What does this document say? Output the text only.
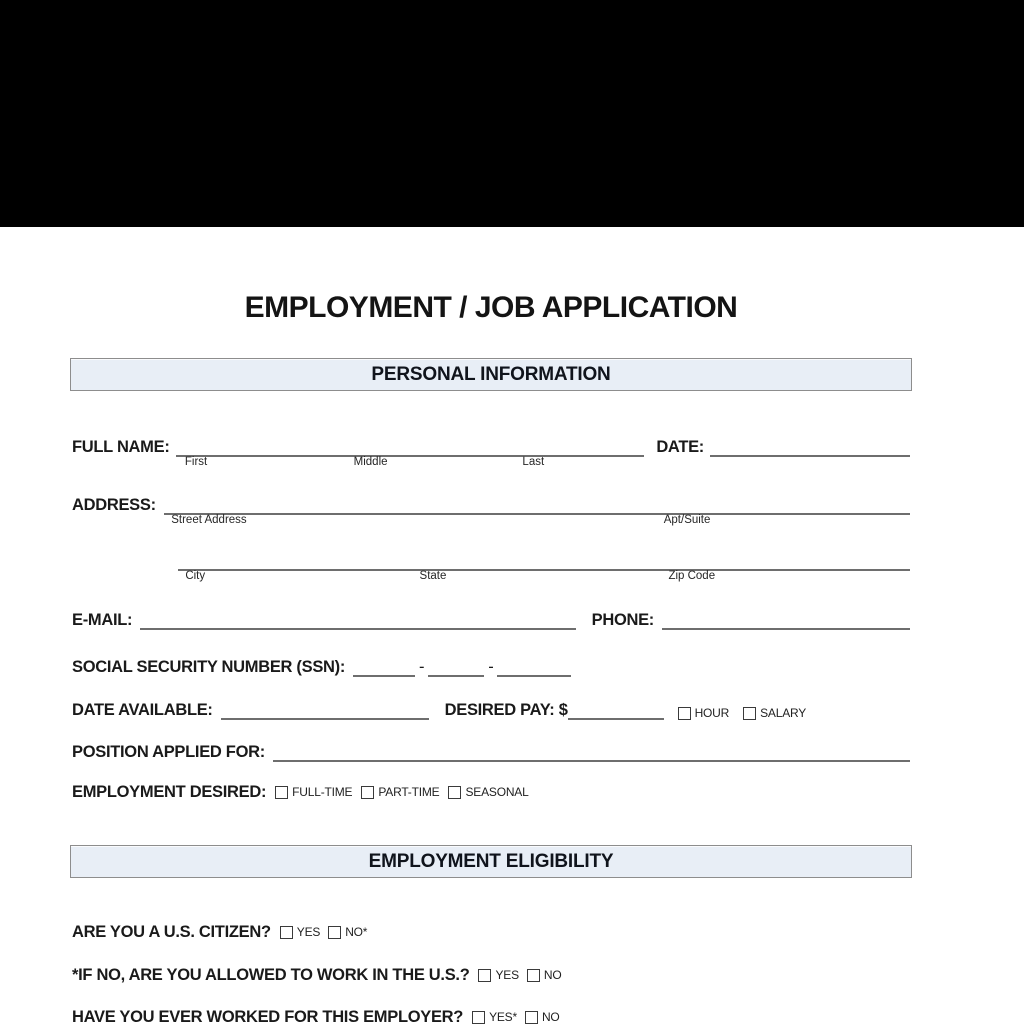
EMPLOYMENT / JOB APPLICATION
PERSONAL INFORMATION
FULL NAME:
First	Middle	Last
DATE:
ADDRESS:
Street Address	Apt/Suite
City	State	Zip Code
E-MAIL:	PHONE:
SOCIAL SECURITY NUMBER (SSN):	-	-
DATE AVAILABLE:	DESIRED PAY: $	HOUR	SALARY
POSITION APPLIED FOR:
EMPLOYMENT DESIRED: FULL-TIME PART-TIME SEASONAL
EMPLOYMENT ELIGIBILITY
ARE YOU A U.S. CITIZEN? YES NO*
*IF NO, ARE YOU ALLOWED TO WORK IN THE U.S.? YES NO
HAVE YOU EVER WORKED FOR THIS EMPLOYER? YES* NO
